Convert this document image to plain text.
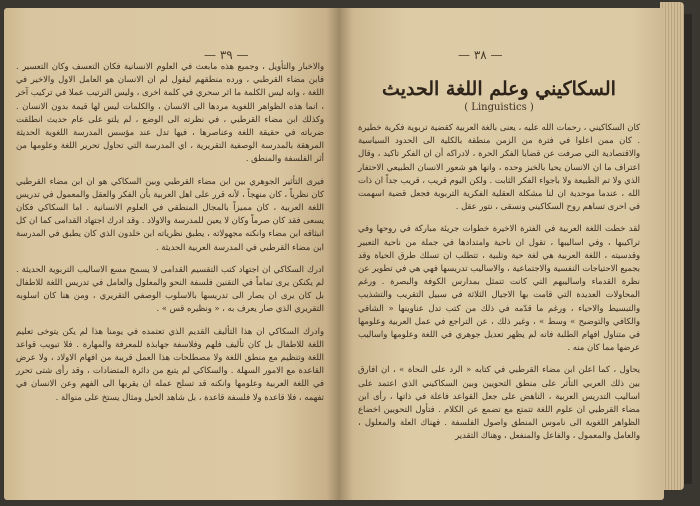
— ٣٩ —

والاخبار والتأويل ، وجميع هذه مابعث في العلوم الانسانية فكان التعسف وكان التعسير . فابن مضاء القرطبي ، ورده منطقهم ليقول لم ان الانسان هو العامل الاول والاخير في اللغة ، وانه ليس الكلمة ما اثر سحري في كلمة اخرى ، وليس الترتيب عملا في تركيب آخر ، انما هذه الظواهر اللغوية مردها الى الانسان ، والكلمات ليس لها قيمة بدون الانسان . وكذلك ابن مضاء القرطبي ، في نظرته الى الوضع ، لم يلتو على عام حديث انطلقت ضرباته في حقيقة اللغة وعناصرها ، فيها تدل عند مؤسس المدرسة اللغوية الحديثة المرهقة بالمدرسة الوصفية التقريرية ، اي المدرسة التي تحاول تحرير اللغة وعلومها من أثر الفلسفة والمنطق .

فيرى التأثير الجوهري بين ابن مضاء القرطبي وبين السكاكي هو ان ابن مضاء القرطبي كان نظرياً ، كان منهجاً ، لأنه قرر على اهل العربية بأن الفكر والعقل والمعمول في تدريس اللغة العربية ، كان مميزاً بالمجال المنطقي في العلوم الانسانية . اما السكاكي فكان يسعى فقد كان صرماً وكان لا يعين للمدرسة والاولاد . وقد ادرك اجتهاد القدامى كما ان كل انبثاقه ابن مضاء وانكنه مجهولاته ، يطبق نظرياته ابن خلدون الذي كان يطبق في المدرسة ابن مضاء القرطبي في المدرسة العربية الحديثة .

ادرك السكاكي ان اجتهاد كتب التقسيم القدامى لا يسمح مسع الاساليب التربوية الحديثة . لم يكنكن يرى تماماً في التقنين فلسفة النحو والمعلول والعامل في تدريس اللغة للاطفال بل كان يرى ان يصار الى تدريسها بالاسلوب الوصفي التقريري ، ومن هنا كان اسلوبه التقريري الذي صار يعرف به ، « ونظيره قس » .

وادرك السكاكي ان هذا التأليف القديم الذي تعتمده في يومنا هذا لم يكن يتوخى تعليم اللغة للاطفال بل كان تأليف فلهم وفلاسفة جهابذة للمعرفة والمهارة . فلا تبويب قواعد اللغة وتنظيم مع منطق اللغة ولا مصطلحات هذا العمل قريبة من افهام الاولاد ، ولا عرض القاعدة مع الامور السهلة . والسكاكي لم يتبع من دائرة المتضادات ، وقد رأى شتى تحرر في اللغة العربية وعلومها وانكنه قد تسلح عمله ان يقربها الى الفهم وعن الانسان في تفهمه ، فلا قاعدة ولا فلسفة قاعدة ، بل شاهد الحيل ومثال يستخ على منوالة .

— ٣٨ —
السكاكيني وعلم اللغة الحديث
( Linguistics )

كان السكاكيني ، رحمات الله عليه ، يعنى بالغة العربية كقضية تربوية فكرية خطيرة . كان ممن اعلوا في فترة من الزمن منطقة بالكلية الى الحدود السياسية والاقتصادية التي صرفت عن قضايا الفكر الحرة ، لادراكه أن ان الفكر تاكيد ، وقال اعتراف ما ان الانسان يحيا بالخبز وحده ، وانها هو شعور الانسان الطبيعي الاحتفار الذي ولا تم الطبيعة ولا باجواء الفكر الثابت . ولكن اليوم قريب ، قريب جداً ان ذات الله ، عندما موحدية ان لنا مشكلة العقلية الفكرية التربوية فجعل قضية اسهمت في احرى تساهم روح السكاكيني ونسقى ، نتور عقل .

لقد خطت اللغة العربية في الفترة الاخيرة خطوات جريئة مباركة في روحها وفي تراكيبها ، وفي اساليبها ، تقول ان ناحية وامتدادها في جملة من ناحية التعبير وقدسيته ، اللغة العربية هي لغة حية وتلبية ، تتطلب ان تسلك طرق الحياة وقد بجميع الاحتياجات النفسية والاجتماعية ، والاساليب تدريسها فهي هي في تطوير عن نظرة القدماء واساليبهم التي كانت تتمثل بمدارس الكوفة والبصرة . ورغم المحاولات العديدة التي قامت بها الاجيال الثلاثة في سبيل التقريب والتشذيب والتبسيط والاحياء ، ورغم ما قدّمه في ذلك من كتب تدل عناوينها « الشافي والكافي والتوضيح » وسط » ، وغير ذلك ، عن التراجع في عمل العربية وعلومها في متناول افهام الطلبة فانه لم يظهر تعديل جوهري في اللغة وعلومها واساليب عرضها مما كان منه .

يحاول ، كما اعلن ابن مضاء القرطبي في كتابه « الرد على النحاة » ، ان افارق بين ذلك العربي التأثر على منطق التحويين وبين السكاكيني الذي اعتمد على اساليب التدريس العربية ، الناهض على جعل القواعد فاعلة في ذاتها ، رأى ابن مضاء القرطبي ان علوم اللغة تتمتع مع تضمع عن الكلام . فتأول التحويين اخضاع الظواهر اللغوية الى ناموس المنطق واصول الفلسفة . فهناك العلة والمعلول ، والعامل والمعمول ، والفاعل والمنفعل ، وهناك التقدير
